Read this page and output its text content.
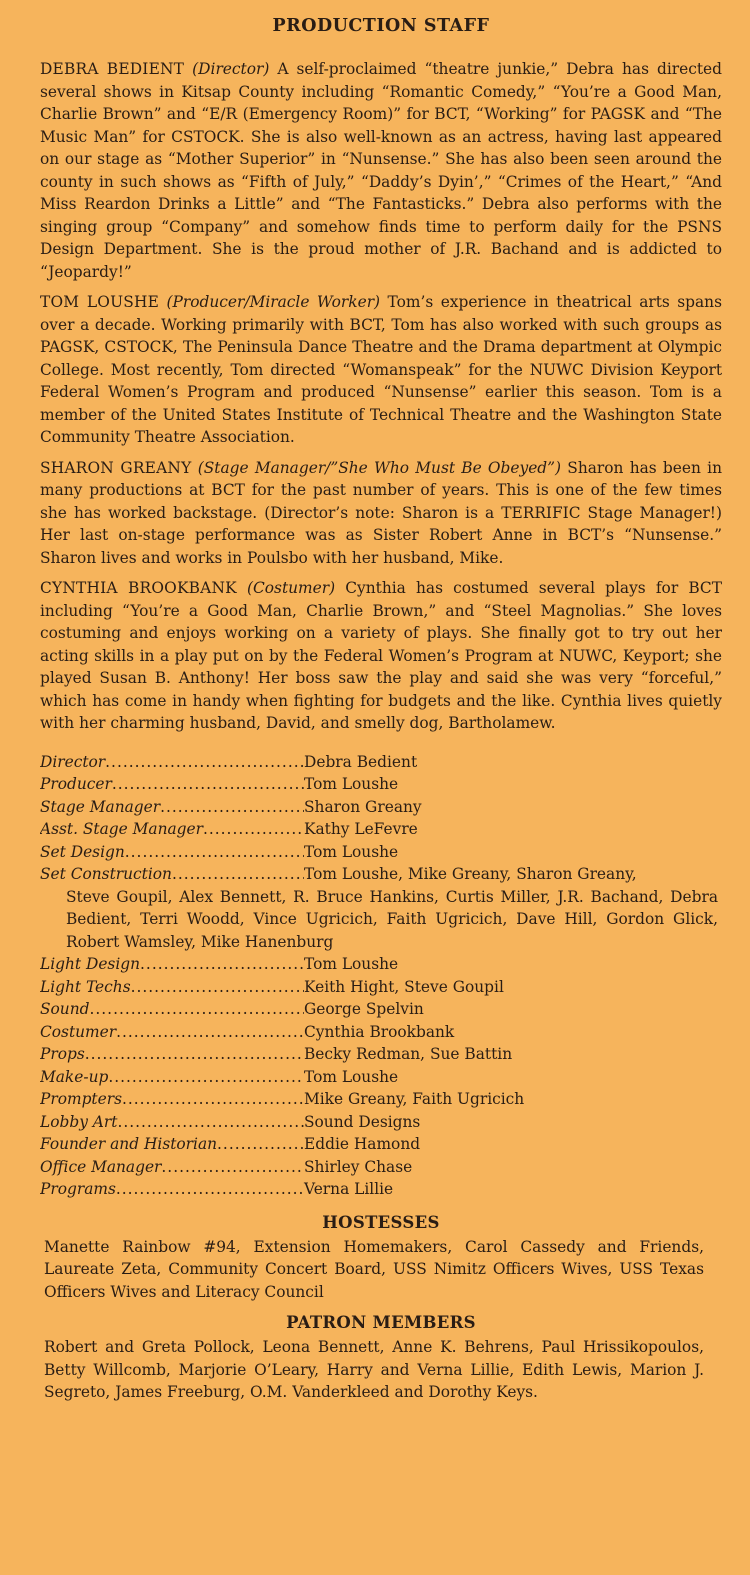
PRODUCTION STAFF

DEBRA BEDIENT (Director) A self-proclaimed “theatre junkie,” Debra has directed several shows in Kitsap County including “Romantic Comedy,” “You’re a Good Man, Charlie Brown” and “E/R (Emergency Room)” for BCT, “Working” for PAGSK and “The Music Man” for CSTOCK. She is also well-known as an actress, having last appeared on our stage as “Mother Superior” in “Nunsense.” She has also been seen around the county in such shows as “Fifth of July,” “Daddy’s Dyin’,” “Crimes of the Heart,” “And Miss Reardon Drinks a Little” and “The Fantasticks.” Debra also performs with the singing group “Company” and somehow finds time to perform daily for the PSNS Design Department. She is the proud mother of J.R. Bachand and is addicted to “Jeopardy!”

TOM LOUSHE (Producer/Miracle Worker) Tom’s experience in theatrical arts spans over a decade. Working primarily with BCT, Tom has also worked with such groups as PAGSK, CSTOCK, The Peninsula Dance Theatre and the Drama department at Olympic College. Most recently, Tom directed “Womanspeak” for the NUWC Division Keyport Federal Women’s Program and produced “Nunsense” earlier this season. Tom is a member of the United States Institute of Technical Theatre and the Washington State Community Theatre Association.

SHARON GREANY (Stage Manager/”She Who Must Be Obeyed”) Sharon has been in many productions at BCT for the past number of years. This is one of the few times she has worked backstage. (Director’s note: Sharon is a TERRIFIC Stage Manager!) Her last on-stage performance was as Sister Robert Anne in BCT’s “Nunsense.” Sharon lives and works in Poulsbo with her husband, Mike.

CYNTHIA BROOKBANK (Costumer) Cynthia has costumed several plays for BCT including “You’re a Good Man, Charlie Brown,” and “Steel Magnolias.” She loves costuming and enjoys working on a variety of plays. She finally got to try out her acting skills in a play put on by the Federal Women’s Program at NUWC, Keyport; she played Susan B. Anthony! Her boss saw the play and said she was very “forceful,” which has come in handy when fighting for budgets and the like. Cynthia lives quietly with her charming husband, David, and smelly dog, Bartholamew.

Director .....	Debra Bedient
Producer .....	Tom Loushe
Stage Manager .....	Sharon Greany
Asst. Stage Manager .....	Kathy LeFevre
Set Design .....	Tom Loushe
Set Construction .....	Tom Loushe, Mike Greany, Sharon Greany,
Steve Goupil, Alex Bennett, R. Bruce Hankins, Curtis Miller, J.R. Bachand, Debra Bedient, Terri Woodd, Vince Ugricich, Faith Ugricich, Dave Hill, Gordon Glick, Robert Wamsley, Mike Hanenburg
Light Design .....	Tom Loushe
Light Techs .....	Keith Hight, Steve Goupil
Sound .....	George Spelvin
Costumer .....	Cynthia Brookbank
Props .....	Becky Redman, Sue Battin
Make-up .....	Tom Loushe
Prompters .....	Mike Greany, Faith Ugricich
Lobby Art .....	Sound Designs
Founder and Historian .....	Eddie Hamond
Office Manager .....	Shirley Chase
Programs .....	Verna Lillie
HOSTESSES
Manette Rainbow #94, Extension Homemakers, Carol Cassedy and Friends, Laureate Zeta, Community Concert Board, USS Nimitz Officers Wives, USS Texas Officers Wives and Literacy Council
PATRON MEMBERS
Robert and Greta Pollock, Leona Bennett, Anne K. Behrens, Paul Hrissikopoulos, Betty Willcomb, Marjorie O’Leary, Harry and Verna Lillie, Edith Lewis, Marion J. Segreto, James Freeburg, O.M. Vanderkleed and Dorothy Keys.
